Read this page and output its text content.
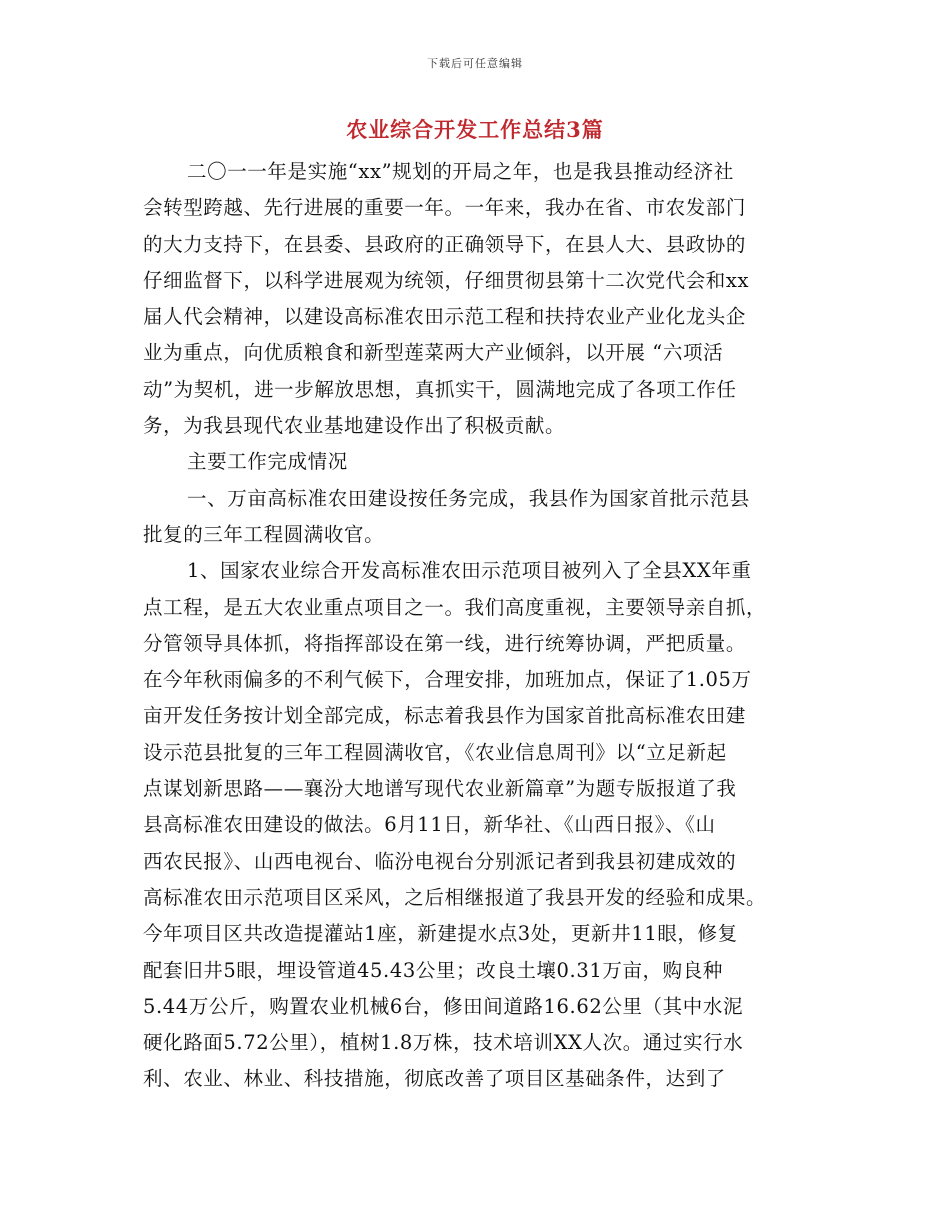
下载后可任意编辑
农业综合开发工作总结3篇
二〇一一年是实施“xx”规划的开局之年，也是我县推动经济社
会转型跨越、先行进展的重要一年。一年来，我办在省、市农发部门
的大力支持下，在县委、县政府的正确领导下，在县人大、县政协的
仔细监督下，以科学进展观为统领，仔细贯彻县第十二次党代会和xx
届人代会精神，以建设高标准农田示范工程和扶持农业产业化龙头企
业为重点，向优质粮食和新型莲菜两大产业倾斜，以开展 “六项活
动”为契机，进一步解放思想，真抓实干，圆满地完成了各项工作任
务，为我县现代农业基地建设作出了积极贡献。
主要工作完成情况
一、万亩高标准农田建设按任务完成，我县作为国家首批示范县
批复的三年工程圆满收官。
1、国家农业综合开发高标准农田示范项目被列入了全县XX年重
点工程，是五大农业重点项目之一。我们高度重视，主要领导亲自抓，
分管领导具体抓，将指挥部设在第一线，进行统筹协调，严把质量。
在今年秋雨偏多的不利气候下，合理安排，加班加点，保证了1.05万
亩开发任务按计划全部完成，标志着我县作为国家首批高标准农田建
设示范县批复的三年工程圆满收官，《农业信息周刊》以“立足新起
点谋划新思路——襄汾大地谱写现代农业新篇章”为题专版报道了我
县高标准农田建设的做法。6月11日，新华社、《山西日报》、《山
西农民报》、山西电视台、临汾电视台分别派记者到我县初建成效的
高标准农田示范项目区采风，之后相继报道了我县开发的经验和成果。
今年项目区共改造提灌站1座，新建提水点3处，更新井11眼，修复
配套旧井5眼，埋设管道45.43公里；改良土壤0.31万亩，购良种
5.44万公斤，购置农业机械6台，修田间道路16.62公里（其中水泥
硬化路面5.72公里），植树1.8万株，技术培训XX人次。通过实行水
利、农业、林业、科技措施，彻底改善了项目区基础条件，达到了
